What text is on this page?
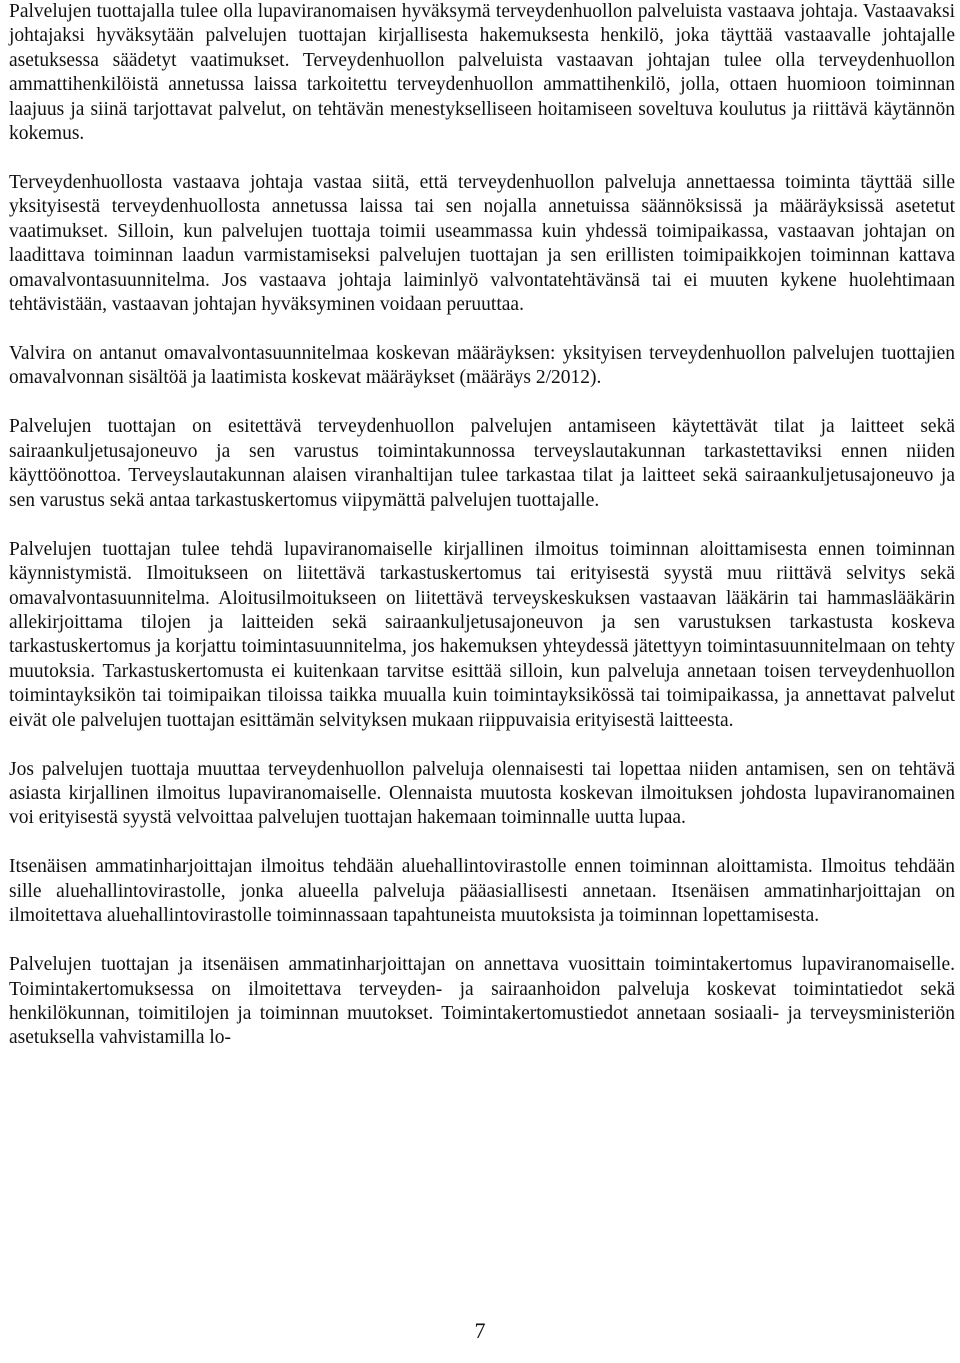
Palvelujen tuottajalla tulee olla lupaviranomaisen hyväksymä terveydenhuollon palveluista vastaava johtaja. Vastaavaksi johtajaksi hyväksytään palvelujen tuottajan kirjallisesta hakemuksesta henkilö, joka täyttää vastaavalle johtajalle asetuksessa säädetyt vaatimukset. Terveydenhuollon palveluista vastaavan johtajan tulee olla terveydenhuollon ammattihenkilöistä annetussa laissa tarkoitettu terveydenhuollon ammattihenkilö, jolla, ottaen huomioon toiminnan laajuus ja siinä tarjottavat palvelut, on tehtävän menestykselliseen hoitamiseen soveltuva koulutus ja riittävä käytännön kokemus.

Terveydenhuollosta vastaava johtaja vastaa siitä, että terveydenhuollon palveluja annettaessa toiminta täyttää sille yksityisestä terveydenhuollosta annetussa laissa tai sen nojalla annetuissa säännöksissä ja määräyksissä asetetut vaatimukset. Silloin, kun palvelujen tuottaja toimii useammassa kuin yhdessä toimipaikassa, vastaavan johtajan on laadittava toiminnan laadun varmistamiseksi palvelujen tuottajan ja sen erillisten toimipaikkojen toiminnan kattava omavalvontasuunnitelma. Jos vastaava johtaja laiminlyö valvontatehtävänsä tai ei muuten kykene huolehtimaan tehtävistään, vastaavan johtajan hyväksyminen voidaan peruuttaa.

Valvira on antanut omavalvontasuunnitelmaa koskevan määräyksen: yksityisen terveydenhuollon palvelujen tuottajien omavalvonnan sisältöä ja laatimista koskevat määräykset (määräys 2/2012).

Palvelujen tuottajan on esitettävä terveydenhuollon palvelujen antamiseen käytettävät tilat ja laitteet sekä sairaankuljetusajoneuvo ja sen varustus toimintakunnossa terveyslautakunnan tarkastettaviksi ennen niiden käyttöönottoa. Terveyslautakunnan alaisen viranhaltijan tulee tarkastaa tilat ja laitteet sekä sairaankuljetusajoneuvo ja sen varustus sekä antaa tarkastuskertomus viipymättä palvelujen tuottajalle.

Palvelujen tuottajan tulee tehdä lupaviranomaiselle kirjallinen ilmoitus toiminnan aloittamisesta ennen toiminnan käynnistymistä. Ilmoitukseen on liitettävä tarkastuskertomus tai erityisestä syystä muu riittävä selvitys sekä omavalvontasuunnitelma. Aloitusilmoitukseen on liitettävä terveyskeskuksen vastaavan lääkärin tai hammaslääkärin allekirjoittama tilojen ja laitteiden sekä sairaankuljetusajoneuvon ja sen varustuksen tarkastusta koskeva tarkastuskertomus ja korjattu toimintasuunnitelma, jos hakemuksen yhteydessä jätettyyn toimintasuunnitelmaan on tehty muutoksia. Tarkastuskertomusta ei kuitenkaan tarvitse esittää silloin, kun palveluja annetaan toisen terveydenhuollon toimintayksikön tai toimipaikan tiloissa taikka muualla kuin toimintayksikössä tai toimipaikassa, ja annettavat palvelut eivät ole palvelujen tuottajan esittämän selvityksen mukaan riippuvaisia erityisestä laitteesta.

Jos palvelujen tuottaja muuttaa terveydenhuollon palveluja olennaisesti tai lopettaa niiden antamisen, sen on tehtävä asiasta kirjallinen ilmoitus lupaviranomaiselle. Olennaista muutosta koskevan ilmoituksen johdosta lupaviranomainen voi erityisestä syystä velvoittaa palvelujen tuottajan hakemaan toiminnalle uutta lupaa.

Itsenäisen ammatinharjoittajan ilmoitus tehdään aluehallintovirastolle ennen toiminnan aloittamista. Ilmoitus tehdään sille aluehallintovirastolle, jonka alueella palveluja pääasiallisesti annetaan. Itsenäisen ammatinharjoittajan on ilmoitettava aluehallintovirastolle toiminnassaan tapahtuneista muutoksista ja toiminnan lopettamisesta.

Palvelujen tuottajan ja itsenäisen ammatinharjoittajan on annettava vuosittain toimintakertomus lupaviranomaiselle. Toimintakertomuksessa on ilmoitettava terveyden- ja sairaanhoidon palveluja koskevat toimintatiedot sekä henkilökunnan, toimitilojen ja toiminnan muutokset. Toimintakertomustiedot annetaan sosiaali- ja terveysministeriön asetuksella vahvistamilla lo-

7
